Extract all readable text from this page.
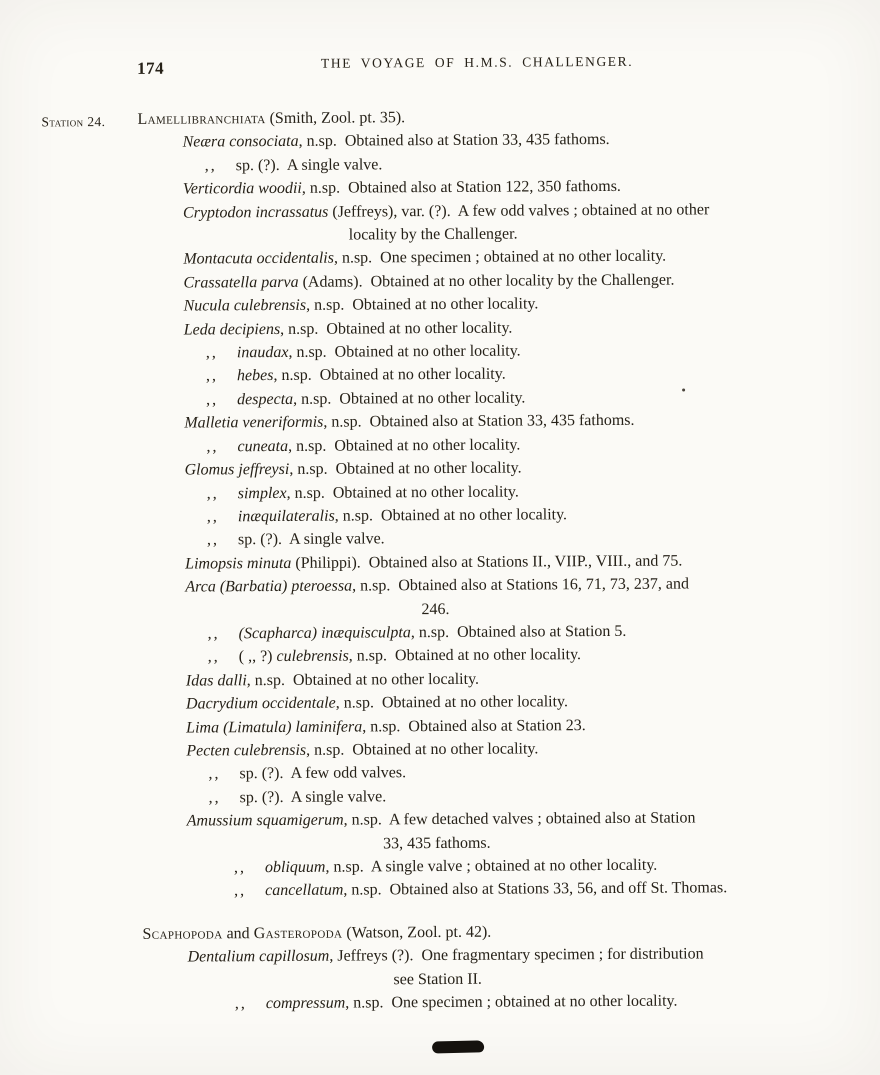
174	THE VOYAGE OF H.M.S. CHALLENGER.
Station 24. Lamellibranchiata (Smith, Zool. pt. 35).
Neæra consociata, n.sp.  Obtained also at Station 33, 435 fathoms.
,, sp. (?).  A single valve.
Verticordia woodii, n.sp.  Obtained also at Station 122, 350 fathoms.
Cryptodon incrassatus (Jeffreys), var. (?).  A few odd valves ; obtained at no other
locality by the Challenger.
Montacuta occidentalis, n.sp.  One specimen ; obtained at no other locality.
Crassatella parva (Adams).  Obtained at no other locality by the Challenger.
Nucula culebrensis, n.sp.  Obtained at no other locality.
Leda decipiens, n.sp.  Obtained at no other locality.
,, inaudax, n.sp.  Obtained at no other locality.
,, hebes, n.sp.  Obtained at no other locality.
,, despecta, n.sp.  Obtained at no other locality.
Malletia veneriformis, n.sp.  Obtained also at Station 33, 435 fathoms.
,, cuneata, n.sp.  Obtained at no other locality.
Glomus jeffreysi, n.sp.  Obtained at no other locality.
,, simplex, n.sp.  Obtained at no other locality.
,, inæquilateralis, n.sp.  Obtained at no other locality.
,, sp. (?).  A single valve.
Limopsis minuta (Philippi).  Obtained also at Stations II., VIIP., VIII., and 75.
Arca (Barbatia) pteroessa, n.sp.  Obtained also at Stations 16, 71, 73, 237, and
246.
,, (Scapharca) inæquisculpta, n.sp.  Obtained also at Station 5.
,, ( ,, ?) culebrensis, n.sp.  Obtained at no other locality.
Idas dalli, n.sp.  Obtained at no other locality.
Dacrydium occidentale, n.sp.  Obtained at no other locality.
Lima (Limatula) laminifera, n.sp.  Obtained also at Station 23.
Pecten culebrensis, n.sp.  Obtained at no other locality.
,, sp. (?).  A few odd valves.
,, sp. (?).  A single valve.
Amussium squamigerum, n.sp.  A few detached valves ; obtained also at Station
33, 435 fathoms.
,, obliquum, n.sp.  A single valve ; obtained at no other locality.
,, cancellatum, n.sp.  Obtained also at Stations 33, 56, and off St. Thomas.
Scaphopoda and Gasteropoda (Watson, Zool. pt. 42).
Dentalium capillosum, Jeffreys (?).  One fragmentary specimen ; for distribution
see Station II.
,, compressum, n.sp.  One specimen ; obtained at no other locality.
